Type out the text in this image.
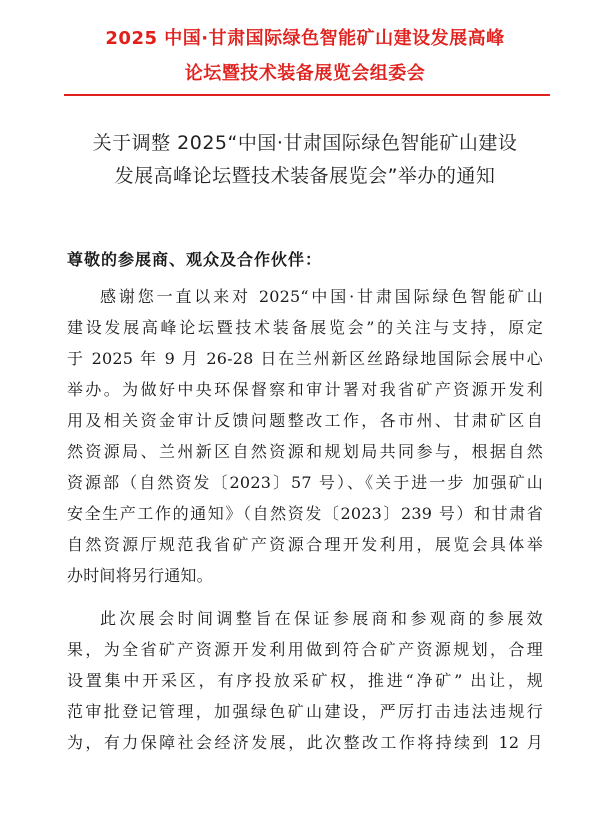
2025 中国·甘肃国际绿色智能矿山建设发展高峰
论坛暨技术装备展览会组委会
关于调整 2025“中国·甘肃国际绿色智能矿山建设
发展高峰论坛暨技术装备展览会”举办的通知
尊敬的参展商、观众及合作伙伴：
感谢您一直以来对 2025“中国·甘肃国际绿色智能矿山
建设发展高峰论坛暨技术装备展览会”的关注与支持，原定
于 2025 年 9 月 26-28 日在兰州新区丝路绿地国际会展中心
举办。为做好中央环保督察和审计署对我省矿产资源开发利
用及相关资金审计反馈问题整改工作，各市州、甘肃矿区自
然资源局、兰州新区自然资源和规划局共同参与，根据自然
资源部（自然资发〔2023〕57 号）、《关于进一步 加强矿山
安全生产工作的通知》（自然资发〔2023〕239 号）和甘肃省
自然资源厅规范我省矿产资源合理开发利用，展览会具体举
办时间将另行通知。
此次展会时间调整旨在保证参展商和参观商的参展效
果，为全省矿产资源开发利用做到符合矿产资源规划，合理
设置集中开采区，有序投放采矿权，推进“净矿” 出让，规
范审批登记管理，加强绿色矿山建设，严厉打击违法违规行
为，有力保障社会经济发展，此次整改工作将持续到 12 月
